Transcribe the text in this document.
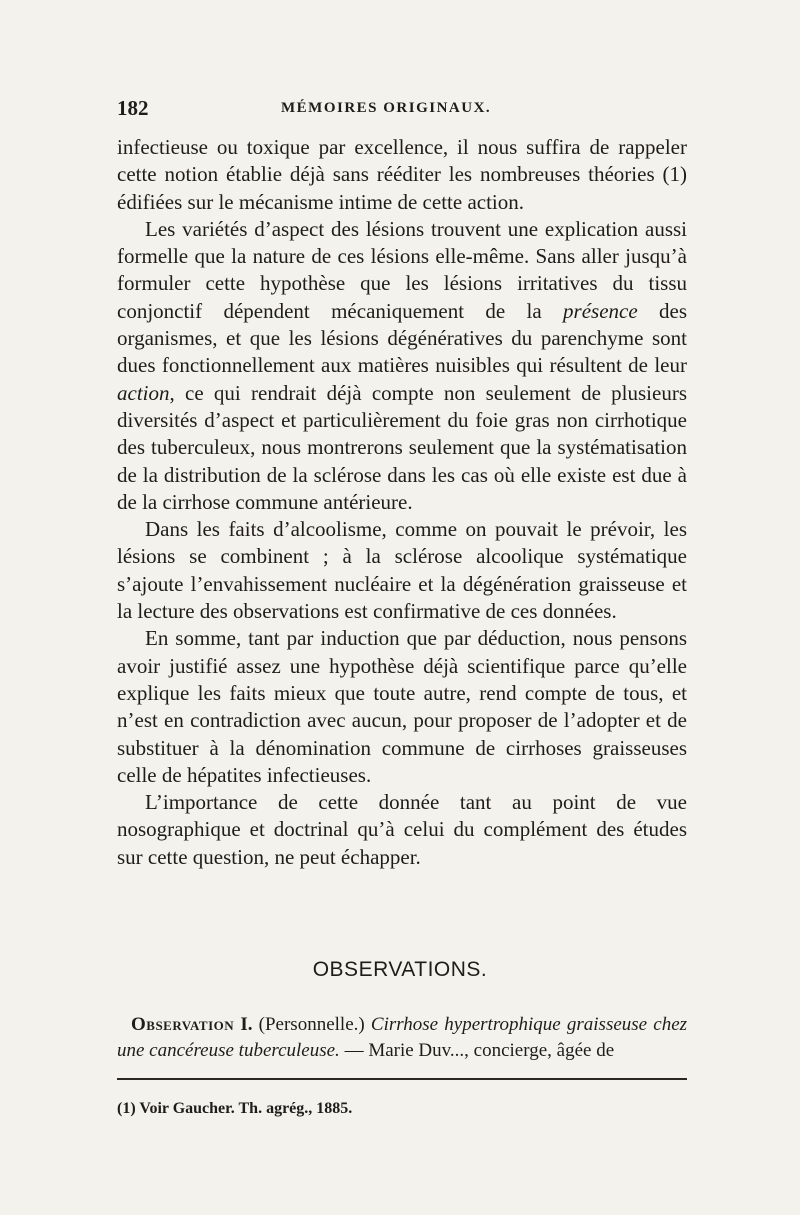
182	MÉMOIRES ORIGINAUX.

infectieuse ou toxique par excellence, il nous suffira de rappeler cette notion établie déjà sans rééditer les nombreuses théories (1) édifiées sur le mécanisme intime de cette action.

Les variétés d’aspect des lésions trouvent une explication aussi formelle que la nature de ces lésions elle-même. Sans aller jusqu’à formuler cette hypothèse que les lésions irritatives du tissu conjonctif dépendent mécaniquement de la présence des organismes, et que les lésions dégénératives du parenchyme sont dues fonctionnellement aux matières nuisibles qui résultent de leur action, ce qui rendrait déjà compte non seulement de plusieurs diversités d’aspect et particulièrement du foie gras non cirrhotique des tuberculeux, nous montrerons seulement que la systématisation de la distribution de la sclérose dans les cas où elle existe est due à de la cirrhose commune antérieure.

Dans les faits d’alcoolisme, comme on pouvait le prévoir, les lésions se combinent ; à la sclérose alcoolique systématique s’ajoute l’envahissement nucléaire et la dégénération graisseuse et la lecture des observations est confirmative de ces données.

En somme, tant par induction que par déduction, nous pensons avoir justifié assez une hypothèse déjà scientifique parce qu’elle explique les faits mieux que toute autre, rend compte de tous, et n’est en contradiction avec aucun, pour proposer de l’adopter et de substituer à la dénomination commune de cirrhoses graisseuses celle de hépatites infectieuses.

L’importance de cette donnée tant au point de vue nosographique et doctrinal qu’à celui du complément des études sur cette question, ne peut échapper.

OBSERVATIONS.
Observation I. (Personnelle.) Cirrhose hypertrophique graisseuse chez une cancéreuse tuberculeuse. — Marie Duv..., concierge, âgée de
(1) Voir Gaucher. Th. agrég., 1885.
